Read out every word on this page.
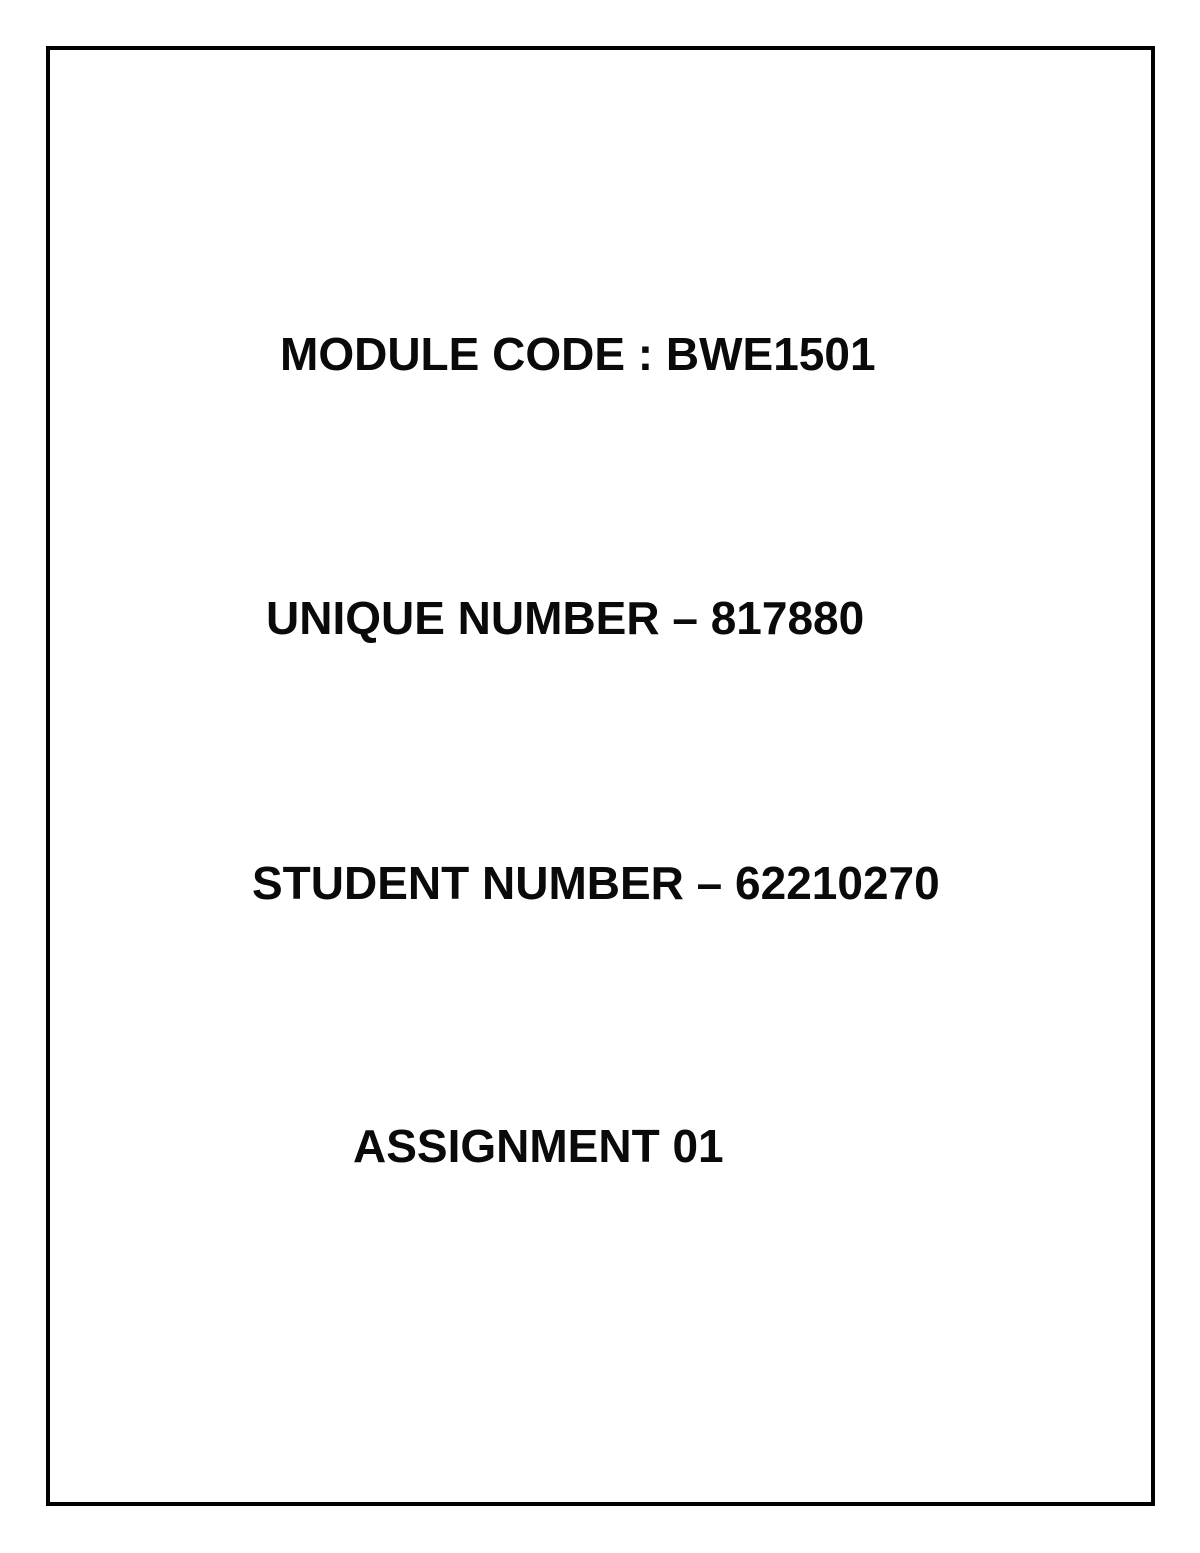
MODULE CODE : BWE1501

UNIQUE NUMBER – 817880

STUDENT NUMBER – 62210270

ASSIGNMENT 01
